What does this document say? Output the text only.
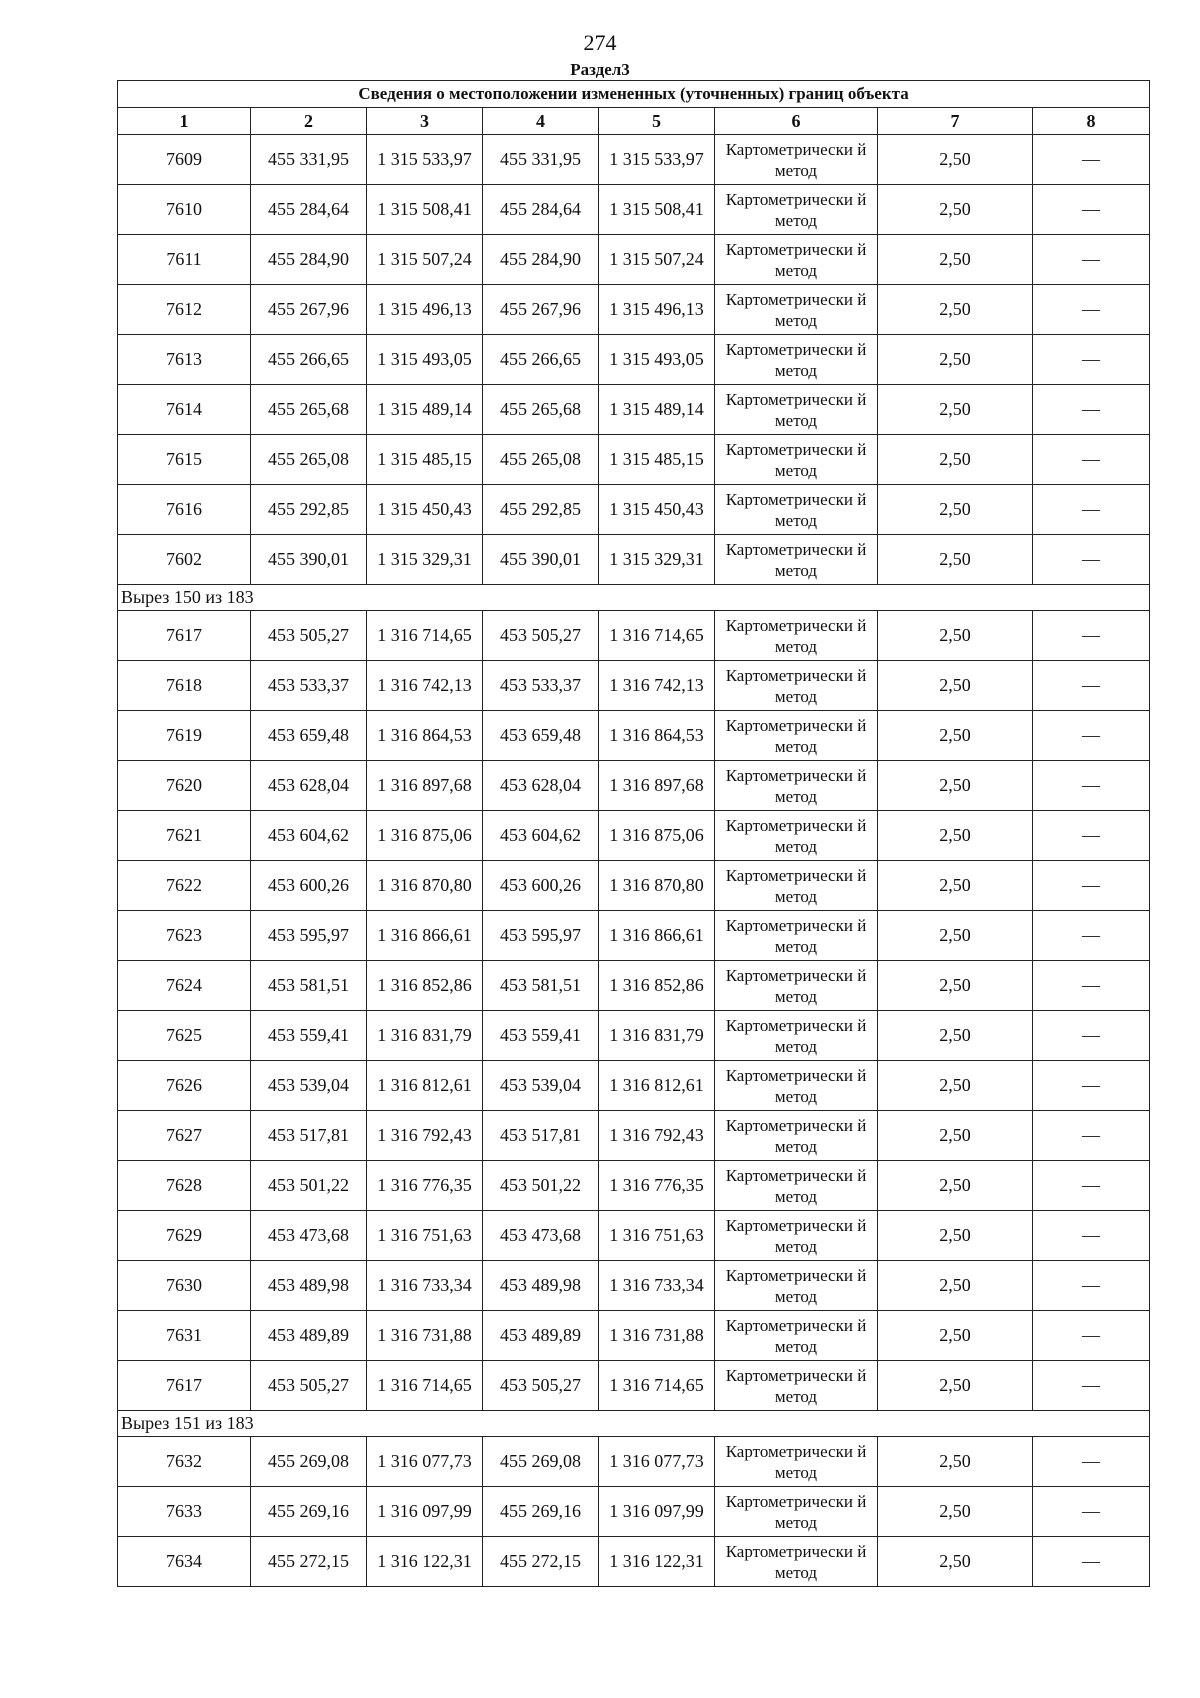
274
Раздел3
Сведения о местоположении измененных (уточненных) границ объекта							
1	2	3	4	5	6	7	8
7609	455 331,95	1 315 533,97	455 331,95	1 315 533,97	Картометрически й метод	2,50	—
7610	455 284,64	1 315 508,41	455 284,64	1 315 508,41	Картометрически й метод	2,50	—
7611	455 284,90	1 315 507,24	455 284,90	1 315 507,24	Картометрически й метод	2,50	—
7612	455 267,96	1 315 496,13	455 267,96	1 315 496,13	Картометрически й метод	2,50	—
7613	455 266,65	1 315 493,05	455 266,65	1 315 493,05	Картометрически й метод	2,50	—
7614	455 265,68	1 315 489,14	455 265,68	1 315 489,14	Картометрически й метод	2,50	—
7615	455 265,08	1 315 485,15	455 265,08	1 315 485,15	Картометрически й метод	2,50	—
7616	455 292,85	1 315 450,43	455 292,85	1 315 450,43	Картометрически й метод	2,50	—
7602	455 390,01	1 315 329,31	455 390,01	1 315 329,31	Картометрически й метод	2,50	—
Вырез 150 из 183							
7617	453 505,27	1 316 714,65	453 505,27	1 316 714,65	Картометрически й метод	2,50	—
7618	453 533,37	1 316 742,13	453 533,37	1 316 742,13	Картометрически й метод	2,50	—
7619	453 659,48	1 316 864,53	453 659,48	1 316 864,53	Картометрически й метод	2,50	—
7620	453 628,04	1 316 897,68	453 628,04	1 316 897,68	Картометрически й метод	2,50	—
7621	453 604,62	1 316 875,06	453 604,62	1 316 875,06	Картометрически й метод	2,50	—
7622	453 600,26	1 316 870,80	453 600,26	1 316 870,80	Картометрически й метод	2,50	—
7623	453 595,97	1 316 866,61	453 595,97	1 316 866,61	Картометрически й метод	2,50	—
7624	453 581,51	1 316 852,86	453 581,51	1 316 852,86	Картометрически й метод	2,50	—
7625	453 559,41	1 316 831,79	453 559,41	1 316 831,79	Картометрически й метод	2,50	—
7626	453 539,04	1 316 812,61	453 539,04	1 316 812,61	Картометрически й метод	2,50	—
7627	453 517,81	1 316 792,43	453 517,81	1 316 792,43	Картометрически й метод	2,50	—
7628	453 501,22	1 316 776,35	453 501,22	1 316 776,35	Картометрически й метод	2,50	—
7629	453 473,68	1 316 751,63	453 473,68	1 316 751,63	Картометрически й метод	2,50	—
7630	453 489,98	1 316 733,34	453 489,98	1 316 733,34	Картометрически й метод	2,50	—
7631	453 489,89	1 316 731,88	453 489,89	1 316 731,88	Картометрически й метод	2,50	—
7617	453 505,27	1 316 714,65	453 505,27	1 316 714,65	Картометрически й метод	2,50	—
Вырез 151 из 183							
7632	455 269,08	1 316 077,73	455 269,08	1 316 077,73	Картометрически й метод	2,50	—
7633	455 269,16	1 316 097,99	455 269,16	1 316 097,99	Картометрически й метод	2,50	—
7634	455 272,15	1 316 122,31	455 272,15	1 316 122,31	Картометрически й метод	2,50	—
